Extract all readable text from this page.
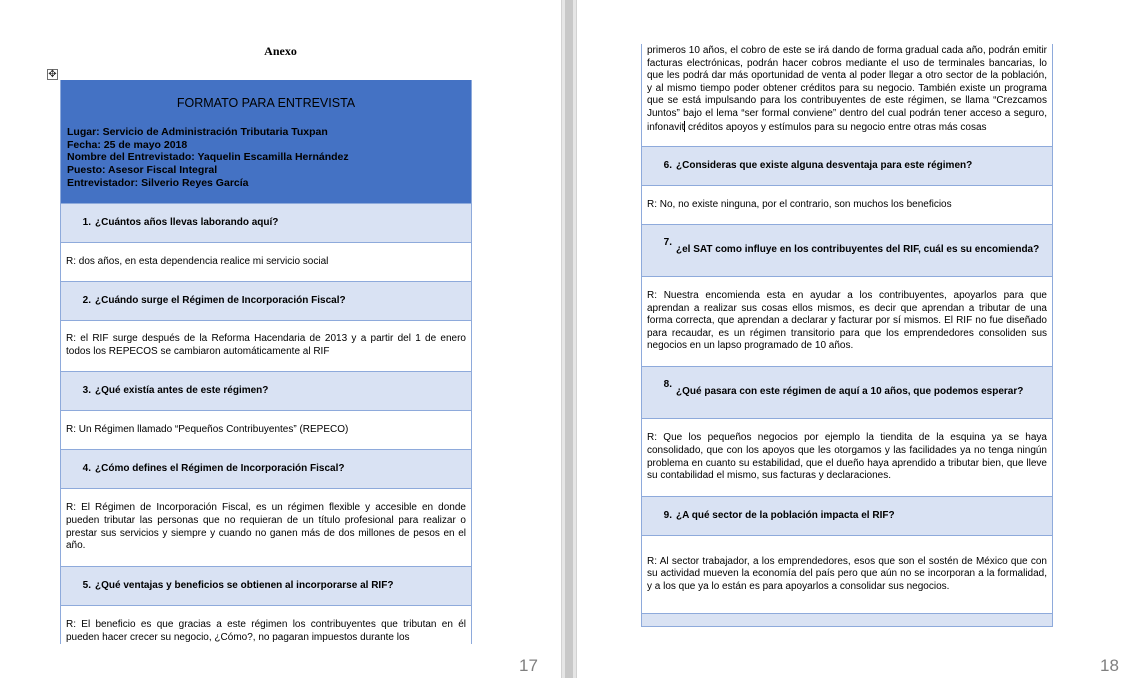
Anexo
✥
FORMATO PARA ENTREVISTA
Lugar: Servicio de Administración Tributaria Tuxpan
Fecha: 25 de mayo 2018
Nombre del Entrevistado: Yaquelin Escamilla Hernández
Puesto: Asesor Fiscal Integral
Entrevistador: Silverio Reyes García
1. ¿Cuántos años llevas laborando aquí?
R: dos años, en esta dependencia realice mi servicio social
2. ¿Cuándo surge el Régimen de Incorporación Fiscal?
R: el RIF surge después de la Reforma Hacendaria de 2013 y a partir del 1 de enero todos los REPECOS se cambiaron automáticamente al RIF
3. ¿Qué existía antes de este régimen?
R: Un Régimen llamado “Pequeños Contribuyentes” (REPECO)
4. ¿Cómo defines el Régimen de Incorporación Fiscal?
R: El Régimen de Incorporación Fiscal, es un régimen flexible y accesible en donde pueden tributar las personas que no requieran de un título profesional para realizar o prestar sus servicios y siempre y cuando no ganen más de dos millones de pesos en el año.
5. ¿Qué ventajas y beneficios se obtienen al incorporarse al RIF?
R: El beneficio es que gracias a este régimen los contribuyentes que tributan en él pueden hacer crecer su negocio, ¿Cómo?, no pagaran impuestos durante los
17
primeros 10 años, el cobro de este se irá dando de forma gradual cada año, podrán emitir facturas electrónicas, podrán hacer cobros mediante el uso de terminales bancarias, lo que les podrá dar más oportunidad de venta al poder llegar a otro sector de la población, y al mismo tiempo poder obtener créditos para su negocio. También existe un programa que se está impulsando para los contribuyentes de este régimen, se llama “Crezcamos Juntos” bajo el lema “ser formal conviene” dentro del cual podrán tener acceso a seguro, infonavit créditos apoyos y estímulos para su negocio entre otras más cosas
6. ¿Consideras que existe alguna desventaja para este régimen?
R: No, no existe ninguna, por el contrario, son muchos los beneficios
7.
¿el SAT como influye en los contribuyentes del RIF, cuál es su encomienda?
R: Nuestra encomienda esta en ayudar a los contribuyentes, apoyarlos para que aprendan a realizar sus cosas ellos mismos, es decir que aprendan a tributar de una forma correcta, que aprendan a declarar y facturar por sí mismos. El RIF no fue diseñado para recaudar, es un régimen transitorio para que los emprendedores consoliden sus negocios en un lapso programado de 10 años.
8.
¿Qué pasara con este régimen de aquí a 10 años, que podemos esperar?
R: Que los pequeños negocios por ejemplo la tiendita de la esquina ya se haya consolidado, que con los apoyos que les otorgamos y las facilidades ya no tenga ningún problema en cuanto su estabilidad, que el dueño haya aprendido a tributar bien, que lleve su contabilidad el mismo, sus facturas y declaraciones.
9. ¿A qué sector de la población impacta el RIF?
R: Al sector trabajador, a los emprendedores, esos que son el sostén de México que con su actividad mueven la economía del país pero que aún no se incorporan a la formalidad, y a los que ya lo están es para apoyarlos a consolidar sus negocios.
18
